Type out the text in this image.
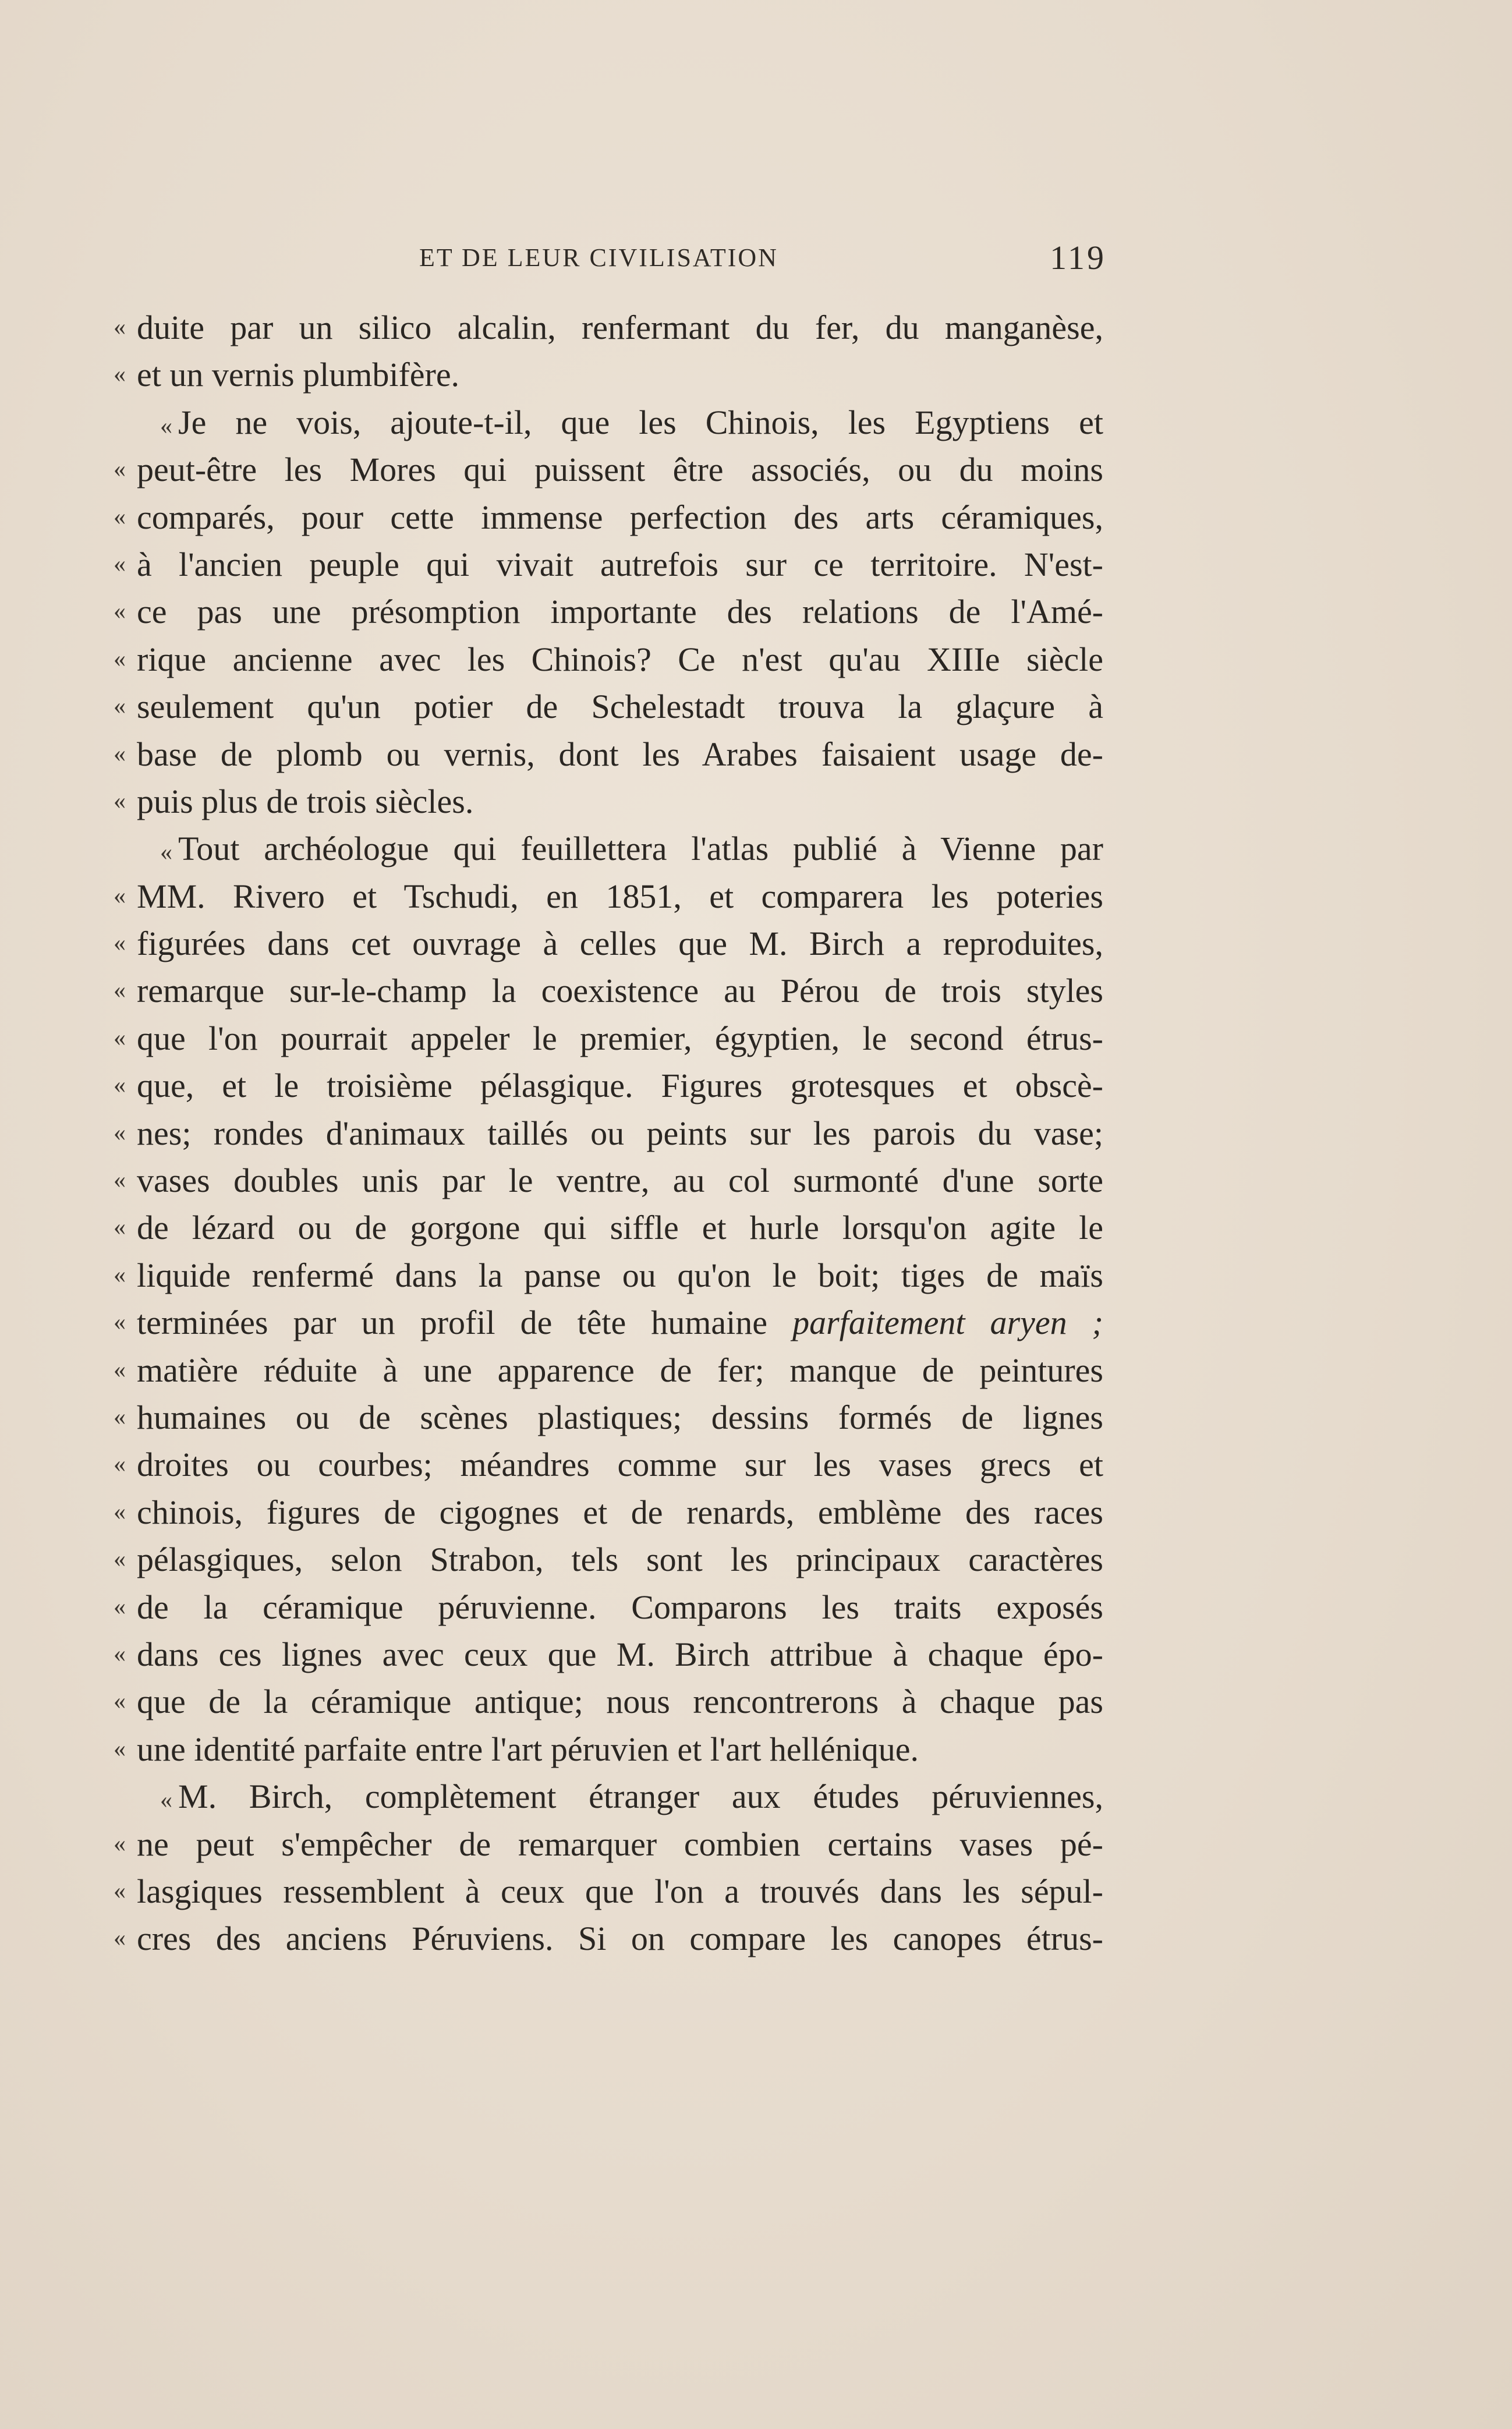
ET DE LEUR CIVILISATION	119
« duite par un silico alcalin, renfermant du fer, du manganèse,
« et un vernis plumbifère.
« Je ne vois, ajoute-t-il, que les Chinois, les Egyptiens et
« peut-être les Mores qui puissent être associés, ou du moins
« comparés, pour cette immense perfection des arts céramiques,
« à l'ancien peuple qui vivait autrefois sur ce territoire. N'est-
« ce pas une présomption importante des relations de l'Amé-
« rique ancienne avec les Chinois? Ce n'est qu'au XIIIe siècle
« seulement qu'un potier de Schelestadt trouva la glaçure à
« base de plomb ou vernis, dont les Arabes faisaient usage de-
« puis plus de trois siècles.
« Tout archéologue qui feuillettera l'atlas publié à Vienne par
« MM. Rivero et Tschudi, en 1851, et comparera les poteries
« figurées dans cet ouvrage à celles que M. Birch a reproduites,
« remarque sur-le-champ la coexistence au Pérou de trois styles
« que l'on pourrait appeler le premier, égyptien, le second étrus-
« que, et le troisième pélasgique. Figures grotesques et obscè-
« nes; rondes d'animaux taillés ou peints sur les parois du vase;
« vases doubles unis par le ventre, au col surmonté d'une sorte
« de lézard ou de gorgone qui siffle et hurle lorsqu'on agite le
« liquide renfermé dans la panse ou qu'on le boit; tiges de maïs
« terminées par un profil de tête humaine parfaitement aryen ;
« matière réduite à une apparence de fer; manque de peintures
« humaines ou de scènes plastiques; dessins formés de lignes
« droites ou courbes; méandres comme sur les vases grecs et
« chinois, figures de cigognes et de renards, emblème des races
« pélasgiques, selon Strabon, tels sont les principaux caractères
« de la céramique péruvienne. Comparons les traits exposés
« dans ces lignes avec ceux que M. Birch attribue à chaque épo-
« que de la céramique antique; nous rencontrerons à chaque pas
« une identité parfaite entre l'art péruvien et l'art hellénique.
« M. Birch, complètement étranger aux études péruviennes,
« ne peut s'empêcher de remarquer combien certains vases pé-
« lasgiques ressemblent à ceux que l'on a trouvés dans les sépul-
« cres des anciens Péruviens. Si on compare les canopes étrus-
